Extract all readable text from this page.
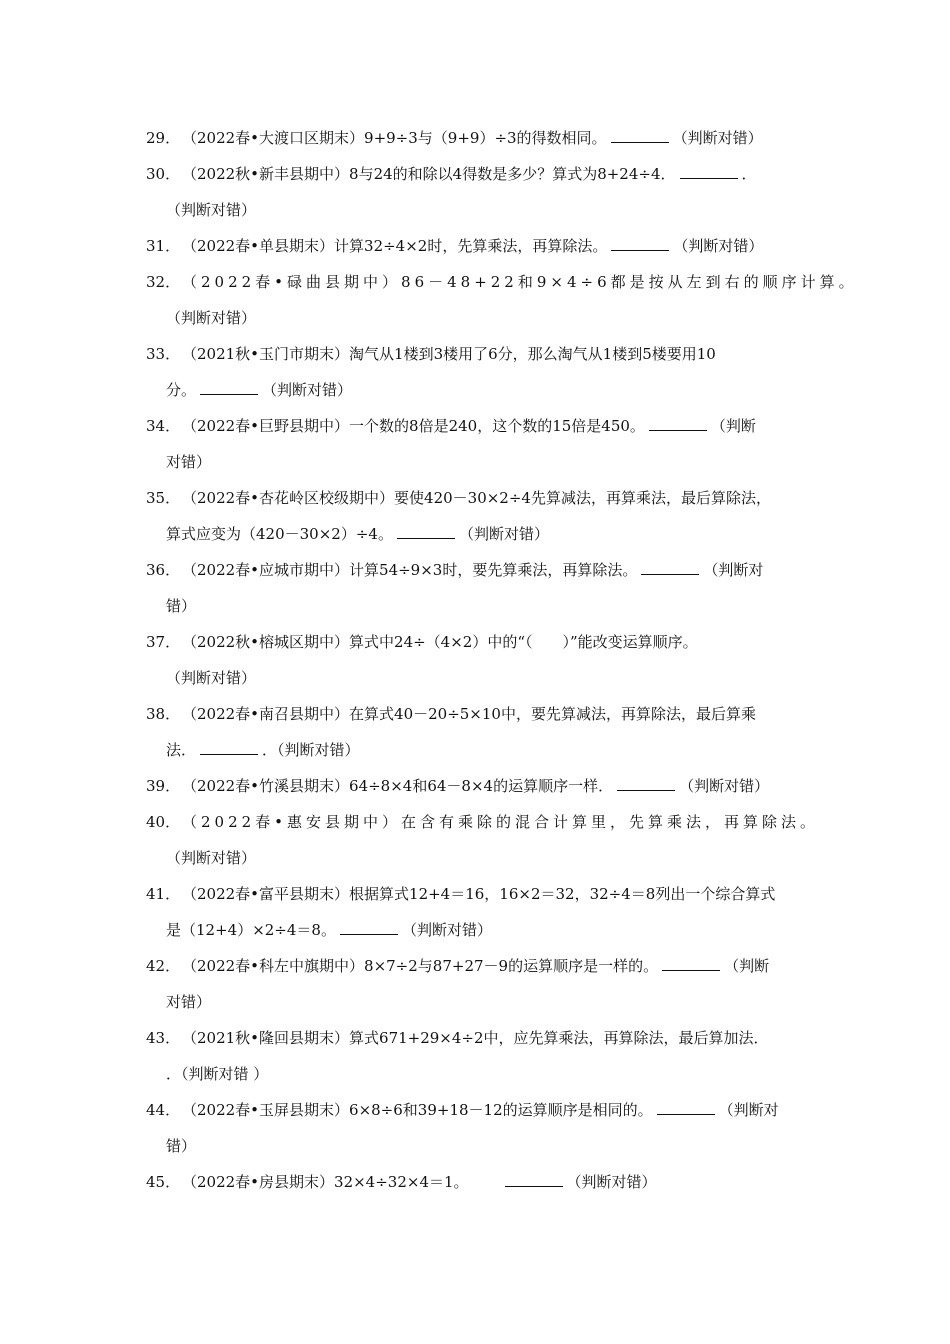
29． （2022春•大渡口区期末）9+9÷3与（9+9）÷3的得数相同。	（判断对错）

30． （2022秋•新丰县期中）8与24的和除以4得数是多少？算式为8+24÷4．	．
（判断对错）

31． （2022春•单县期末）计算32÷4×2时，先算乘法，再算除法。	（判断对错）

32． （2022春•碌曲县期中）86－48+22和9×4÷6都是按从左到右的顺序计算。
（判断对错）

33． （2021秋•玉门市期末）淘气从1楼到3楼用了6分，那么淘气从1楼到5楼要用10
分。	（判断对错）

34． （2022春•巨野县期中）一个数的8倍是240，这个数的15倍是450。	（判断
对错）

35． （2022春•杏花岭区校级期中）要使420－30×2÷4先算减法，再算乘法，最后算除法，
算式应变为（420－30×2）÷4。	（判断对错）

36． （2022春•应城市期中）计算54÷9×3时，要先算乘法，再算除法。	（判断对
错）

37． （2022秋•榕城区期中）算式中24÷（4×2）中的“（　　）”能改变运算顺序。
（判断对错）

38． （2022春•南召县期中）在算式40－20÷5×10中，要先算减法，再算除法，最后算乘
法．	．（判断对错）

39． （2022春•竹溪县期末）64÷8×4和64－8×4的运算顺序一样．	（判断对错）

40． （2022春•惠安县期中）在含有乘除的混合计算里，先算乘法，再算除法。
（判断对错）

41． （2022春•富平县期末）根据算式12+4＝16，16×2＝32，32÷4＝8列出一个综合算式
是（12+4）×2÷4＝8。	（判断对错）

42． （2022春•科左中旗期中）8×7÷2与87+27－9的运算顺序是一样的。	（判断
对错）

43． （2021秋•隆回县期末）算式671+29×4÷2中，应先算乘法，再算除法，最后算加法．
．（判断对错 ）

44． （2022春•玉屏县期末）6×8÷6和39+18－12的运算顺序是相同的。	（判断对
错）

45． （2022春•房县期末）32×4÷32×4＝1。	（判断对错）
